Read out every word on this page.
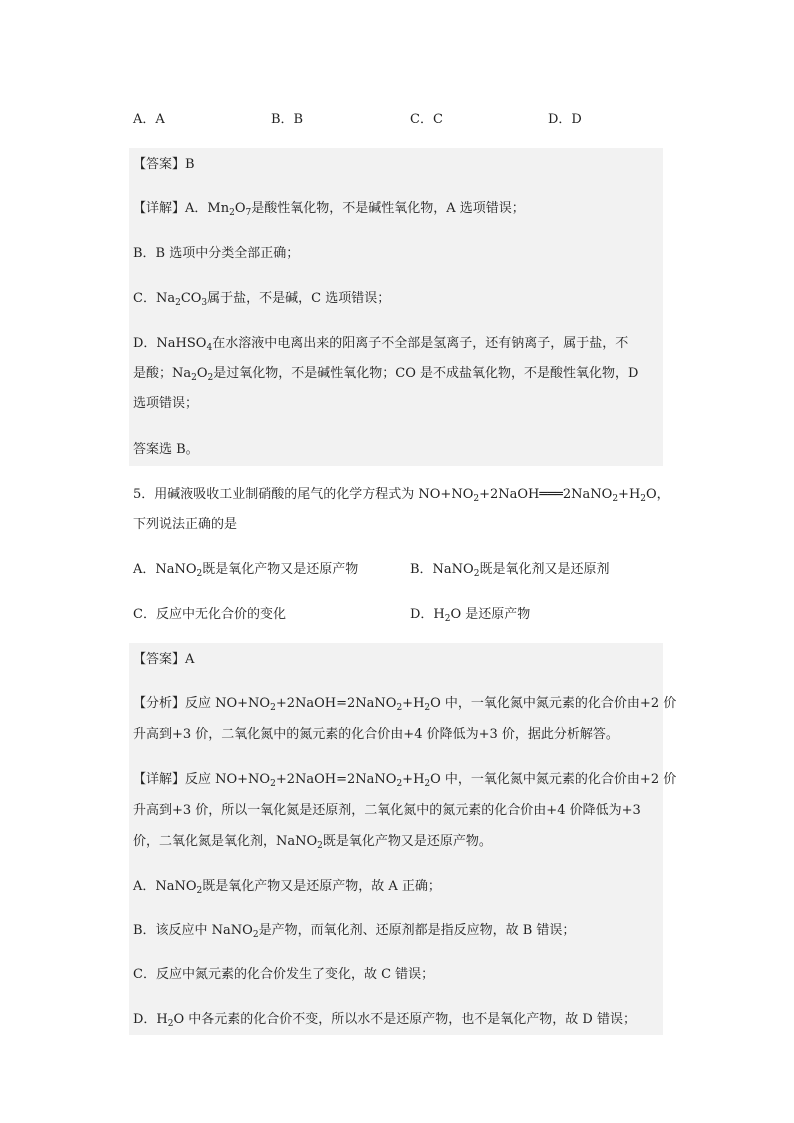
A．A	B．B	C．C	D．D
【答案】B
【详解】A．$Mn_2O_7$是酸性氧化物，不是碱性氧化物，A 选项错误；
B．B 选项中分类全部正确；
C．$Na_2CO_3$属于盐，不是碱，C 选项错误；
D．NaHSO$_4$在水溶液中电离出来的阳离子不全部是氢离子，还有钠离子，属于盐，不
是酸；$Na_2O_2$是过氧化物，不是碱性氧化物；CO 是不成盐氧化物，不是酸性氧化物，D
选项错误；
答案选 B。
5．用碱液吸收工业制硝酸的尾气的化学方程式为 $NO+NO_2+2NaOH═══2NaNO_2+H_2O$，
下列说法正确的是
A．NaNO$_2$既是氧化产物又是还原产物	B．NaNO$_2$既是氧化剂又是还原剂
C．反应中无化合价的变化	D．$H_2O$ 是还原产物
【答案】A
【分析】反应 $NO+NO_2+2NaOH=2NaNO_2+H_2O$ 中，一氧化氮中氮元素的化合价由+2 价
升高到+3 价，二氧化氮中的氮元素的化合价由+4 价降低为+3 价，据此分析解答。
【详解】反应 $NO+NO_2+2NaOH=2NaNO_2+H_2O$ 中，一氧化氮中氮元素的化合价由+2 价
升高到+3 价，所以一氧化氮是还原剂，二氧化氮中的氮元素的化合价由+4 价降低为+3
价，二氧化氮是氧化剂，NaNO$_2$既是氧化产物又是还原产物。
A．NaNO$_2$既是氧化产物又是还原产物，故 A 正确；
B．该反应中 NaNO$_2$是产物，而氧化剂、还原剂都是指反应物，故 B 错误；
C．反应中氮元素的化合价发生了变化，故 C 错误；
D．$H_2O$ 中各元素的化合价不变，所以水不是还原产物，也不是氧化产物，故 D 错误；
